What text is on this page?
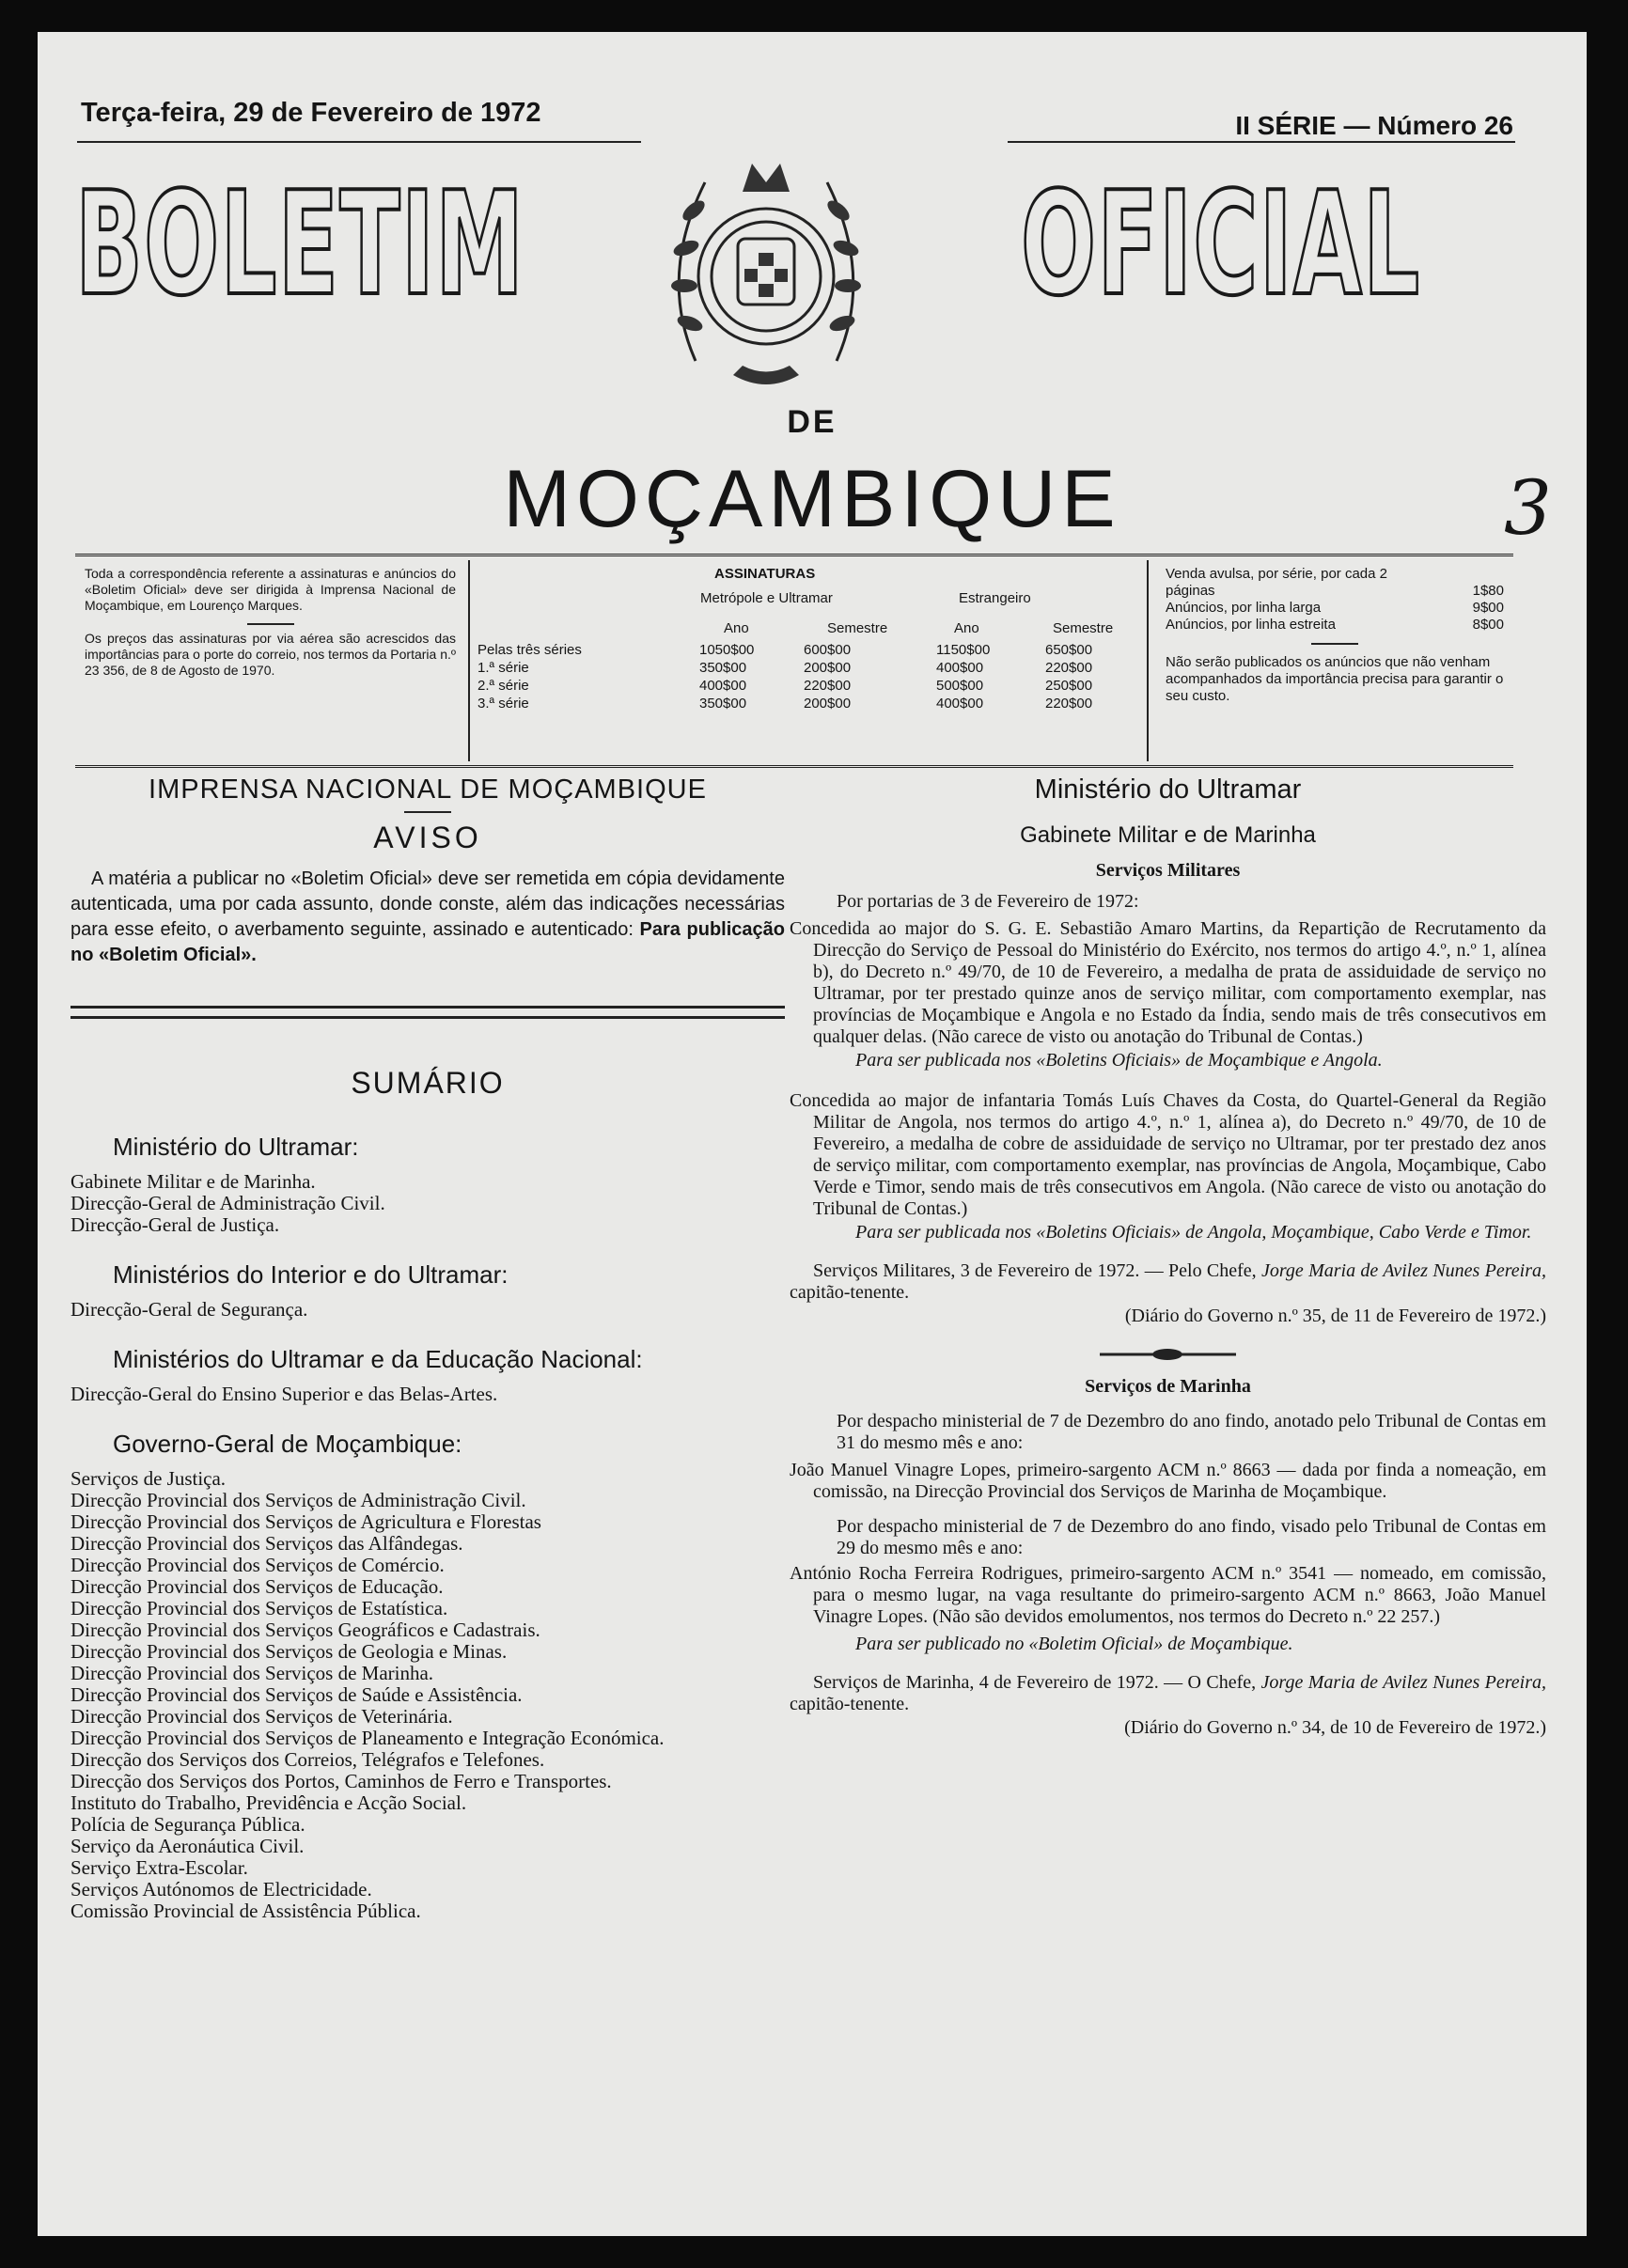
Terça-feira, 29 de Fevereiro de 1972	II SÉRIE — Número 26
BOLETIM	OFICIAL
DE
MOÇAMBIQUE	3

Toda a correspondência referente a assinaturas e anúncios do «Boletim Oficial» deve ser dirigida à Imprensa Nacional de Moçambique, em Lourenço Marques.

Os preços das assinaturas por via aérea são acrescidos das importâncias para o porte do correio, nos termos da Portaria n.º 23 356, de 8 de Agosto de 1970.

ASSINATURAS
Metrópole e Ultramar	Estrangeiro
Ano	Semestre	Ano	Semestre
Pelas três séries	1050$00	600$00	1150$00	650$00
1.ª série	350$00	200$00	400$00	220$00
2.ª série	400$00	220$00	500$00	250$00
3.ª série	350$00	200$00	400$00	220$00
Venda avulsa, por série, por cada 2 páginas	1$80
Anúncios, por linha larga	9$00
Anúncios, por linha estreita	8$00
Não serão publicados os anúncios que não venham acompanhados da importância precisa para garantir o seu custo.
IMPRENSA NACIONAL DE MOÇAMBIQUE
AVISO

A matéria a publicar no «Boletim Oficial» deve ser remetida em cópia devidamente autenticada, uma por cada assunto, donde conste, além das indicações necessárias para esse efeito, o averbamento seguinte, assinado e autenticado: Para publicação no «Boletim Oficial».

SUMÁRIO
Ministério do Ultramar:
Gabinete Militar e de Marinha.
Direcção-Geral de Administração Civil.
Direcção-Geral de Justiça.
Ministérios do Interior e do Ultramar:
Direcção-Geral de Segurança.
Ministérios do Ultramar e da Educação Nacional:
Direcção-Geral do Ensino Superior e das Belas-Artes.
Governo-Geral de Moçambique:
Serviços de Justiça.
Direcção Provincial dos Serviços de Administração Civil.
Direcção Provincial dos Serviços de Agricultura e Florestas
Direcção Provincial dos Serviços das Alfândegas.
Direcção Provincial dos Serviços de Comércio.
Direcção Provincial dos Serviços de Educação.
Direcção Provincial dos Serviços de Estatística.
Direcção Provincial dos Serviços Geográficos e Cadastrais.
Direcção Provincial dos Serviços de Geologia e Minas.
Direcção Provincial dos Serviços de Marinha.
Direcção Provincial dos Serviços de Saúde e Assistência.
Direcção Provincial dos Serviços de Veterinária.
Direcção Provincial dos Serviços de Planeamento e Integração Económica.
Direcção dos Serviços dos Correios, Telégrafos e Telefones.
Direcção dos Serviços dos Portos, Caminhos de Ferro e Transportes.
Instituto do Trabalho, Previdência e Acção Social.
Polícia de Segurança Pública.
Serviço da Aeronáutica Civil.
Serviço Extra-Escolar.
Serviços Autónomos de Electricidade.
Comissão Provincial de Assistência Pública.
Ministério do Ultramar
Gabinete Militar e de Marinha
Serviços Militares

Por portarias de 3 de Fevereiro de 1972:

Concedida ao major do S. G. E. Sebastião Amaro Martins, da Repartição de Recrutamento da Direcção do Serviço de Pessoal do Ministério do Exército, nos termos do artigo 4.º, n.º 1, alínea b), do Decreto n.º 49/70, de 10 de Fevereiro, a medalha de prata de assiduidade de serviço no Ultramar, por ter prestado quinze anos de serviço militar, com comportamento exemplar, nas províncias de Moçambique e Angola e no Estado da Índia, sendo mais de três consecutivos em qualquer delas. (Não carece de visto ou anotação do Tribunal de Contas.)

Para ser publicada nos «Boletins Oficiais» de Moçambique e Angola.

Concedida ao major de infantaria Tomás Luís Chaves da Costa, do Quartel-General da Região Militar de Angola, nos termos do artigo 4.º, n.º 1, alínea a), do Decreto n.º 49/70, de 10 de Fevereiro, a medalha de cobre de assiduidade de serviço no Ultramar, por ter prestado dez anos de serviço militar, com comportamento exemplar, nas províncias de Angola, Moçambique, Cabo Verde e Timor, sendo mais de três consecutivos em Angola. (Não carece de visto ou anotação do Tribunal de Contas.)

Para ser publicada nos «Boletins Oficiais» de Angola, Moçambique, Cabo Verde e Timor.

Serviços Militares, 3 de Fevereiro de 1972. — Pelo Chefe, Jorge Maria de Avilez Nunes Pereira, capitão-tenente.

(Diário do Governo n.º 35, de 11 de Fevereiro de 1972.)

Serviços de Marinha

Por despacho ministerial de 7 de Dezembro do ano findo, anotado pelo Tribunal de Contas em 31 do mesmo mês e ano:

João Manuel Vinagre Lopes, primeiro-sargento ACM n.º 8663 — dada por finda a nomeação, em comissão, na Direcção Provincial dos Serviços de Marinha de Moçambique.

Por despacho ministerial de 7 de Dezembro do ano findo, visado pelo Tribunal de Contas em 29 do mesmo mês e ano:

António Rocha Ferreira Rodrigues, primeiro-sargento ACM n.º 3541 — nomeado, em comissão, para o mesmo lugar, na vaga resultante do primeiro-sargento ACM n.º 8663, João Manuel Vinagre Lopes. (Não são devidos emolumentos, nos termos do Decreto n.º 22 257.)

Para ser publicado no «Boletim Oficial» de Moçambique.

Serviços de Marinha, 4 de Fevereiro de 1972. — O Chefe, Jorge Maria de Avilez Nunes Pereira, capitão-tenente.

(Diário do Governo n.º 34, de 10 de Fevereiro de 1972.)
